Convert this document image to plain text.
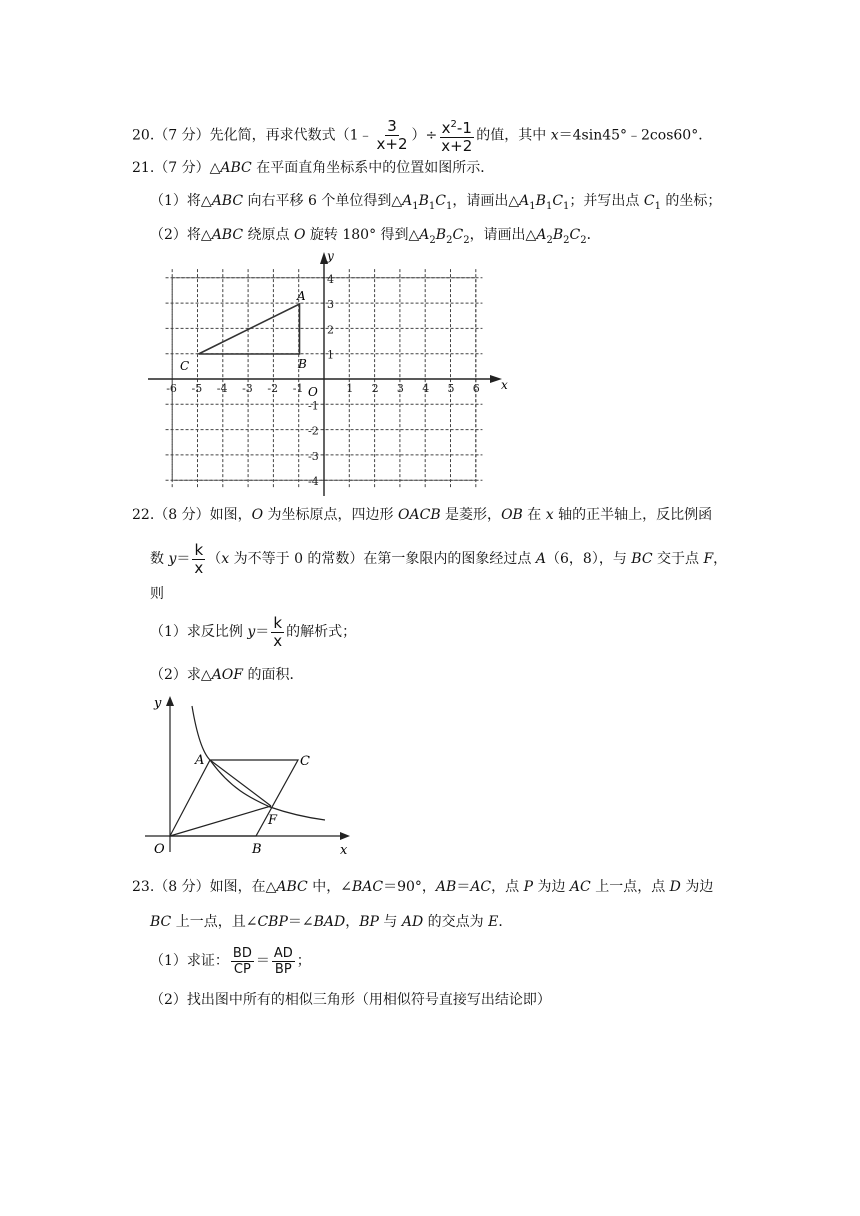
20.（7 分）先化简，再求代数式（1﹣ $\frac{3}{x+2}$ ）÷ $\frac{x^2-1}{x+2}$ 的值，其中 x＝4sin45°﹣2cos60°．
21.（7 分）△ABC 在平面直角坐标系中的位置如图所示．
（1）将△ABC 向右平移 6 个单位得到$\triangle A_1B_1C_1$，请画出$\triangle A_1B_1C_1$；并写出点 $C_1$ 的坐标；
（2）将△ABC 绕原点 O 旋转 180° 得到$\triangle A_2B_2C_2$，请画出$\triangle A_2B_2C_2$．
-6 -5 -4 -3 -2 -1	1 2 3 4 5 6
4
3
2
1
-1
-2
-3
-4
A
B
C
O	x
y
22.（8 分）如图，O 为坐标原点，四边形 OACB 是菱形，OB 在 x 轴的正半轴上，反比例函
数 $y= \frac{k}{x} (x$ 为不等于 0 的常数）在第一象限内的图象经过点 A（6，8），与 BC 交于点 F，
则
（1）求反比例 $y= \frac{k}{x}$ 的解析式；
（2）求△AOF 的面积．
y
x
A	C
F
O	B
23.（8 分）如图，在△ABC 中，∠BAC＝90°，AB＝AC，点 P 为边 AC 上一点，点 D 为边
BC 上一点，且∠CBP＝∠BAD，BP 与 AD 的交点为 E．
（1）求证： $\frac{BD}{CP} = \frac{AD}{BP}$ ；
（2）找出图中所有的相似三角形（用相似符号直接写出结论即）
